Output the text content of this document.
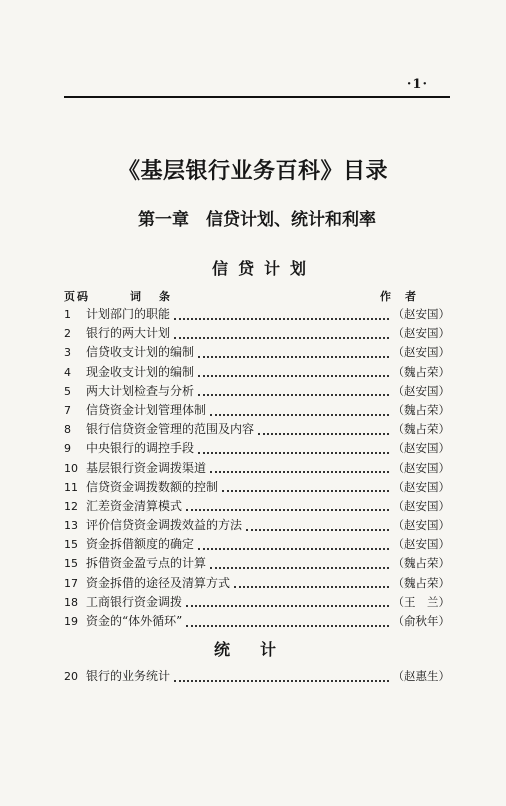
·1·
《基层银行业务百科》目录
第一章　信贷计划、统计和利率
信贷计划
页码	词条	作者
1	计划部门的职能	（赵安国）
2	银行的两大计划	（赵安国）
3	信贷收支计划的编制	（赵安国）
4	现金收支计划的编制	（魏占荣）
5	两大计划检查与分析	（赵安国）
7	信贷资金计划管理体制	（魏占荣）
8	银行信贷资金管理的范围及内容	（魏占荣）
9	中央银行的调控手段	（赵安国）
10 基层银行资金调拨渠道	（赵安国）
11 信贷资金调拨数额的控制	（赵安国）
12 汇差资金清算模式	（赵安国）
13 评价信贷资金调拨效益的方法	（赵安国）
15 资金拆借额度的确定	（赵安国）
15 拆借资金盈亏点的计算	（魏占荣）
17 资金拆借的途径及清算方式	（魏占荣）
18 工商银行资金调拨	（王　兰）
19 资金的“体外循环”	（俞秋年）
统计
20 银行的业务统计	（赵惠生）
